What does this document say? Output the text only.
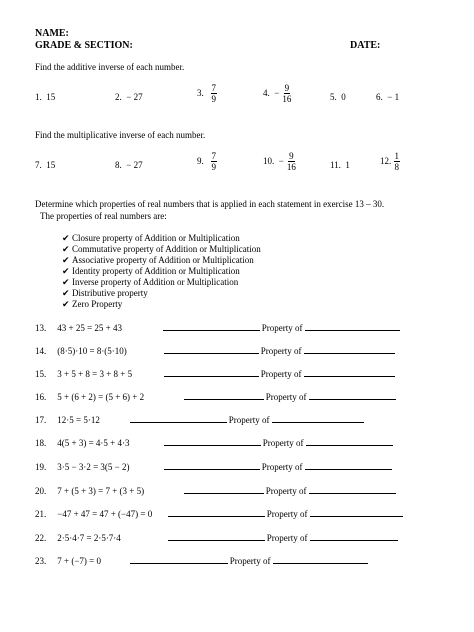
NAME:
GRADE & SECTION:	DATE:
Find the additive inverse of each number.
1. 15	2. − 27	3.
$\frac{7}{9}$	4.
− $\frac{9}{16}$	5. 0	6. − 1
Find the multiplicative inverse of each number.
7. 15	8. − 27	9.
$\frac{7}{9}$	10.
− $\frac{9}{16}$	11. 1	12.
$\frac{1}{8}$
Determine which properties of real numbers that is applied in each statement in exercise 13 – 30.
The properties of real numbers are:
✔ Closure property of Addition or Multiplication
✔ Commutative property of Addition or Multiplication
✔ Associative property of Addition or Multiplication
✔ Identity property of Addition or Multiplication
✔ Inverse property of Addition or Multiplication
✔ Distributive property
✔ Zero Property
13. 43 + 25 = 25 + 43	Property of
14. (8·5)·10 = 8·(5·10)	Property of
15. 3 + 5 + 8 = 3 + 8 + 5	Property of
16. 5 + (6 + 2) = (5 + 6) + 2	Property of
17. 12·5 = 5·12	Property of
18. 4(5 + 3) = 4·5 + 4·3	Property of
19. 3·5 − 3·2 = 3(5 − 2)	Property of
20. 7 + (5 + 3) = 7 + (3 + 5)	Property of
21. −47 + 47 = 47 + (−47) = 0	Property of
22. 2·5·4·7 = 2·5·7·4	Property of
23. 7 + (−7) = 0	Property of
